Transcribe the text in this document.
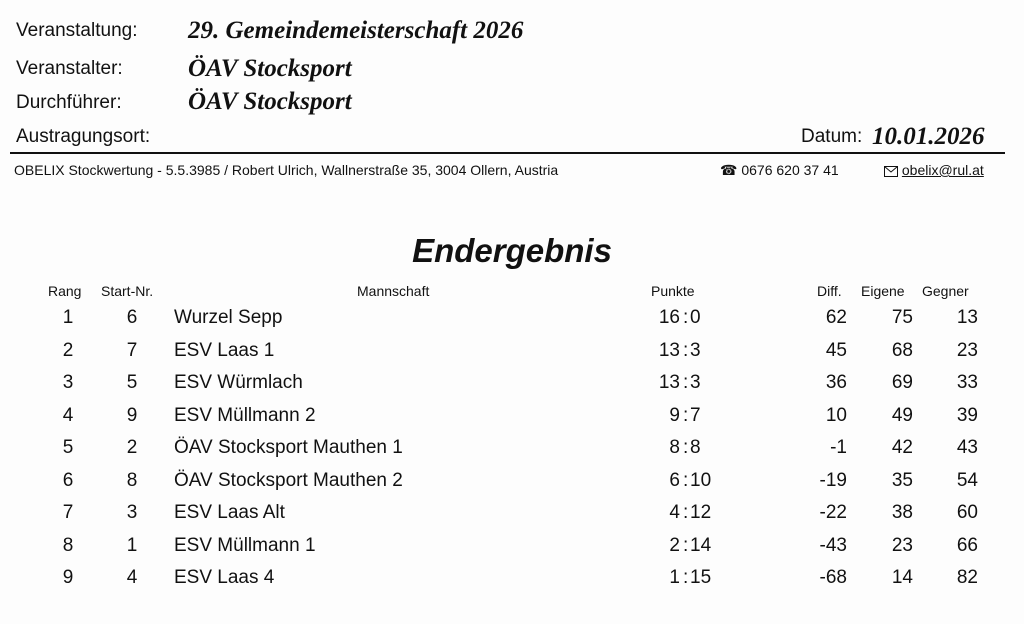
Veranstaltung: 29. Gemeindemeisterschaft 2026
Veranstalter:	ÖAV Stocksport
Durchführer:	ÖAV Stocksport
Austragungsort:	Datum: 10.01.2026
OBELIX Stockwertung - 5.5.3985 / Robert Ulrich, Wallnerstraße 35, 3004 Ollern, Austria	☎ 0676 620 37 41	obelix@rul.at
Endergebnis
Rang Start-Nr.	Mannschaft	Punkte	Diff. Eigene Gegner
1	6	Wurzel Sepp	16 : 0	62 75 13
2	7	ESV Laas 1	13 : 3	45 68 23
3	5	ESV Würmlach	13 : 3	36 69 33
4	9	ESV Müllmann 2	9 : 7	10 49 39
5	2	ÖAV Stocksport Mauthen 1	8 : 8	-1 42 43
6	8	ÖAV Stocksport Mauthen 2	6 : 10	-19 35 54
7	3	ESV Laas Alt	4 : 12	-22 38 60
8	1	ESV Müllmann 1	2 : 14	-43 23 66
9	4	ESV Laas 4	1 : 15	-68 14 82
